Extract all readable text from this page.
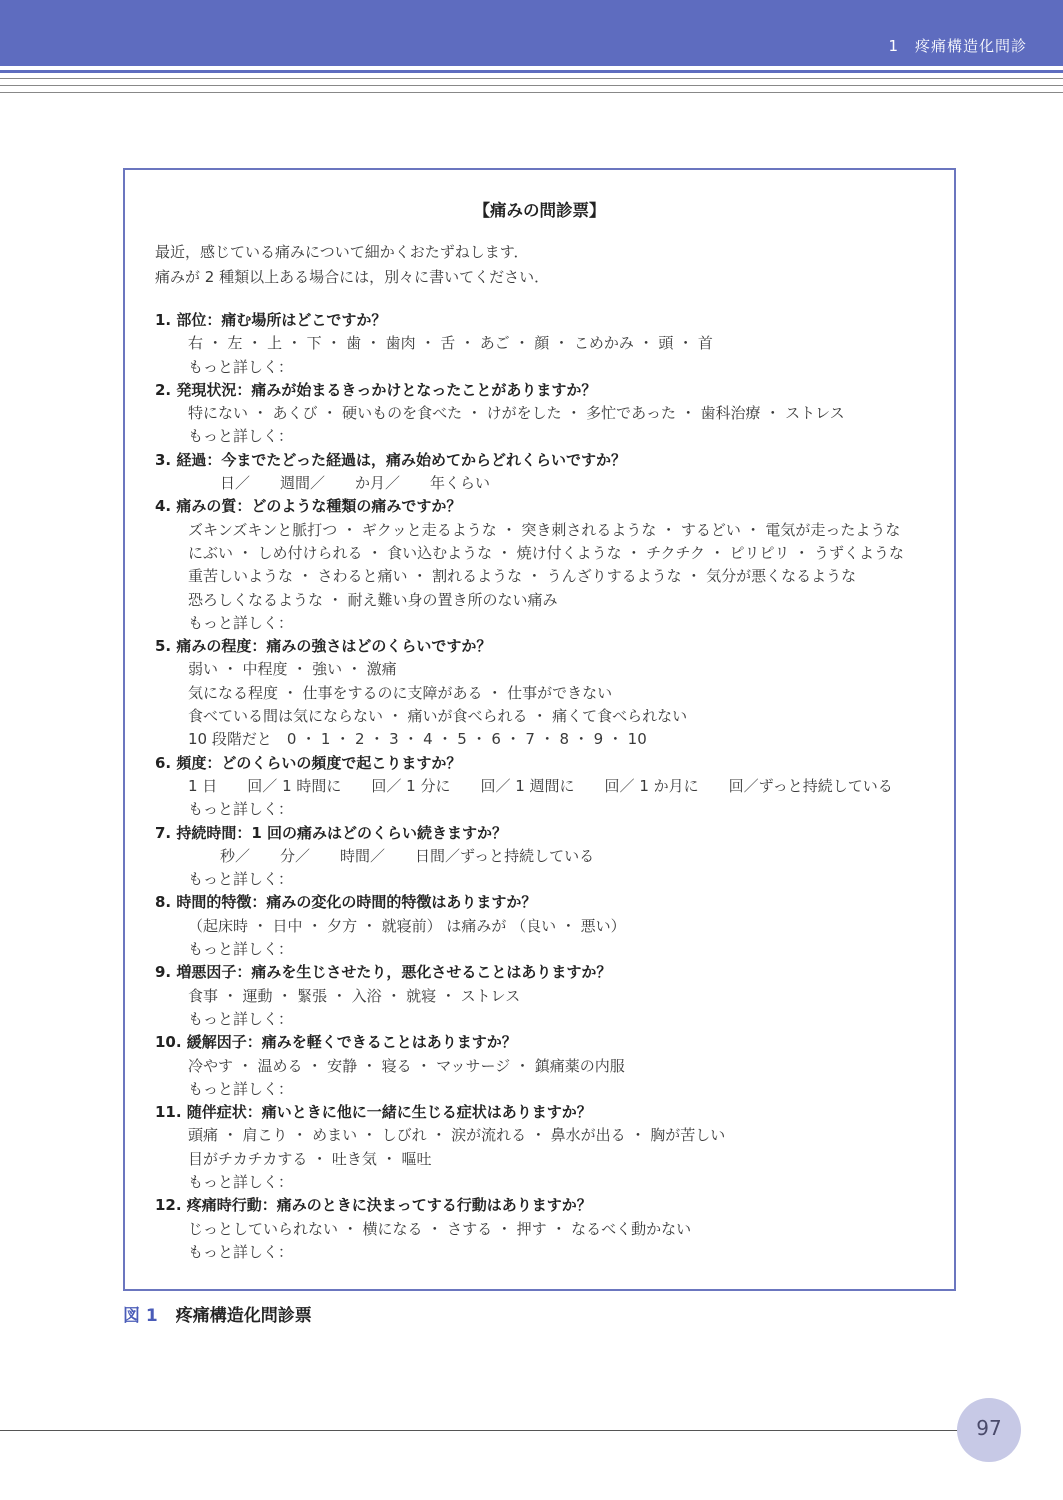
1　疼痛構造化問診
【痛みの問診票】
最近，感じている痛みについて細かくおたずねします．
痛みが 2 種類以上ある場合には，別々に書いてください．
1. 部位：痛む場所はどこですか？
右 ・ 左 ・ 上 ・ 下 ・ 歯 ・ 歯肉 ・ 舌 ・ あご ・ 顔 ・ こめかみ ・ 頭 ・ 首
もっと詳しく：
2. 発現状況：痛みが始まるきっかけとなったことがありますか？
特にない ・ あくび ・ 硬いものを食べた ・ けがをした ・ 多忙であった ・ 歯科治療 ・ ストレス
もっと詳しく：
3. 経過：今までたどった経過は，痛み始めてからどれくらいですか？
日／　　週間／　　か月／　　年くらい
4. 痛みの質：どのような種類の痛みですか？
ズキンズキンと脈打つ ・ ギクッと走るような ・ 突き刺されるような ・ するどい ・ 電気が走ったような
にぶい ・ しめ付けられる ・ 食い込むような ・ 焼け付くような ・ チクチク ・ ピリピリ ・ うずくような
重苦しいような ・ さわると痛い ・ 割れるような ・ うんざりするような ・ 気分が悪くなるような
恐ろしくなるような ・ 耐え難い身の置き所のない痛み
もっと詳しく：
5. 痛みの程度：痛みの強さはどのくらいですか？
弱い ・ 中程度 ・ 強い ・ 激痛
気になる程度 ・ 仕事をするのに支障がある ・ 仕事ができない
食べている間は気にならない ・ 痛いが食べられる ・ 痛くて食べられない
10 段階だと　0 ・ 1 ・ 2 ・ 3 ・ 4 ・ 5 ・ 6 ・ 7 ・ 8 ・ 9 ・ 10
6. 頻度：どのくらいの頻度で起こりますか？
1 日　　回／ 1 時間に　　回／ 1 分に　　回／ 1 週間に　　回／ 1 か月に　　回／ずっと持続している
もっと詳しく：
7. 持続時間：1 回の痛みはどのくらい続きますか？
秒／　　分／　　時間／　　日間／ずっと持続している
もっと詳しく：
8. 時間的特徴：痛みの変化の時間的特徴はありますか？
（起床時 ・ 日中 ・ 夕方 ・ 就寝前） は痛みが （良い ・ 悪い）
もっと詳しく：
9. 増悪因子：痛みを生じさせたり，悪化させることはありますか？
食事 ・ 運動 ・ 緊張 ・ 入浴 ・ 就寝 ・ ストレス
もっと詳しく：
10. 緩解因子：痛みを軽くできることはありますか？
冷やす ・ 温める ・ 安静 ・ 寝る ・ マッサージ ・ 鎮痛薬の内服
もっと詳しく：
11. 随伴症状：痛いときに他に一緒に生じる症状はありますか？
頭痛 ・ 肩こり ・ めまい ・ しびれ ・ 涙が流れる ・ 鼻水が出る ・ 胸が苦しい
目がチカチカする ・ 吐き気 ・ 嘔吐
もっと詳しく：
12. 疼痛時行動：痛みのときに決まってする行動はありますか？
じっとしていられない ・ 横になる ・ さする ・ 押す ・ なるべく動かない
もっと詳しく：
図 1 疼痛構造化問診票
97
